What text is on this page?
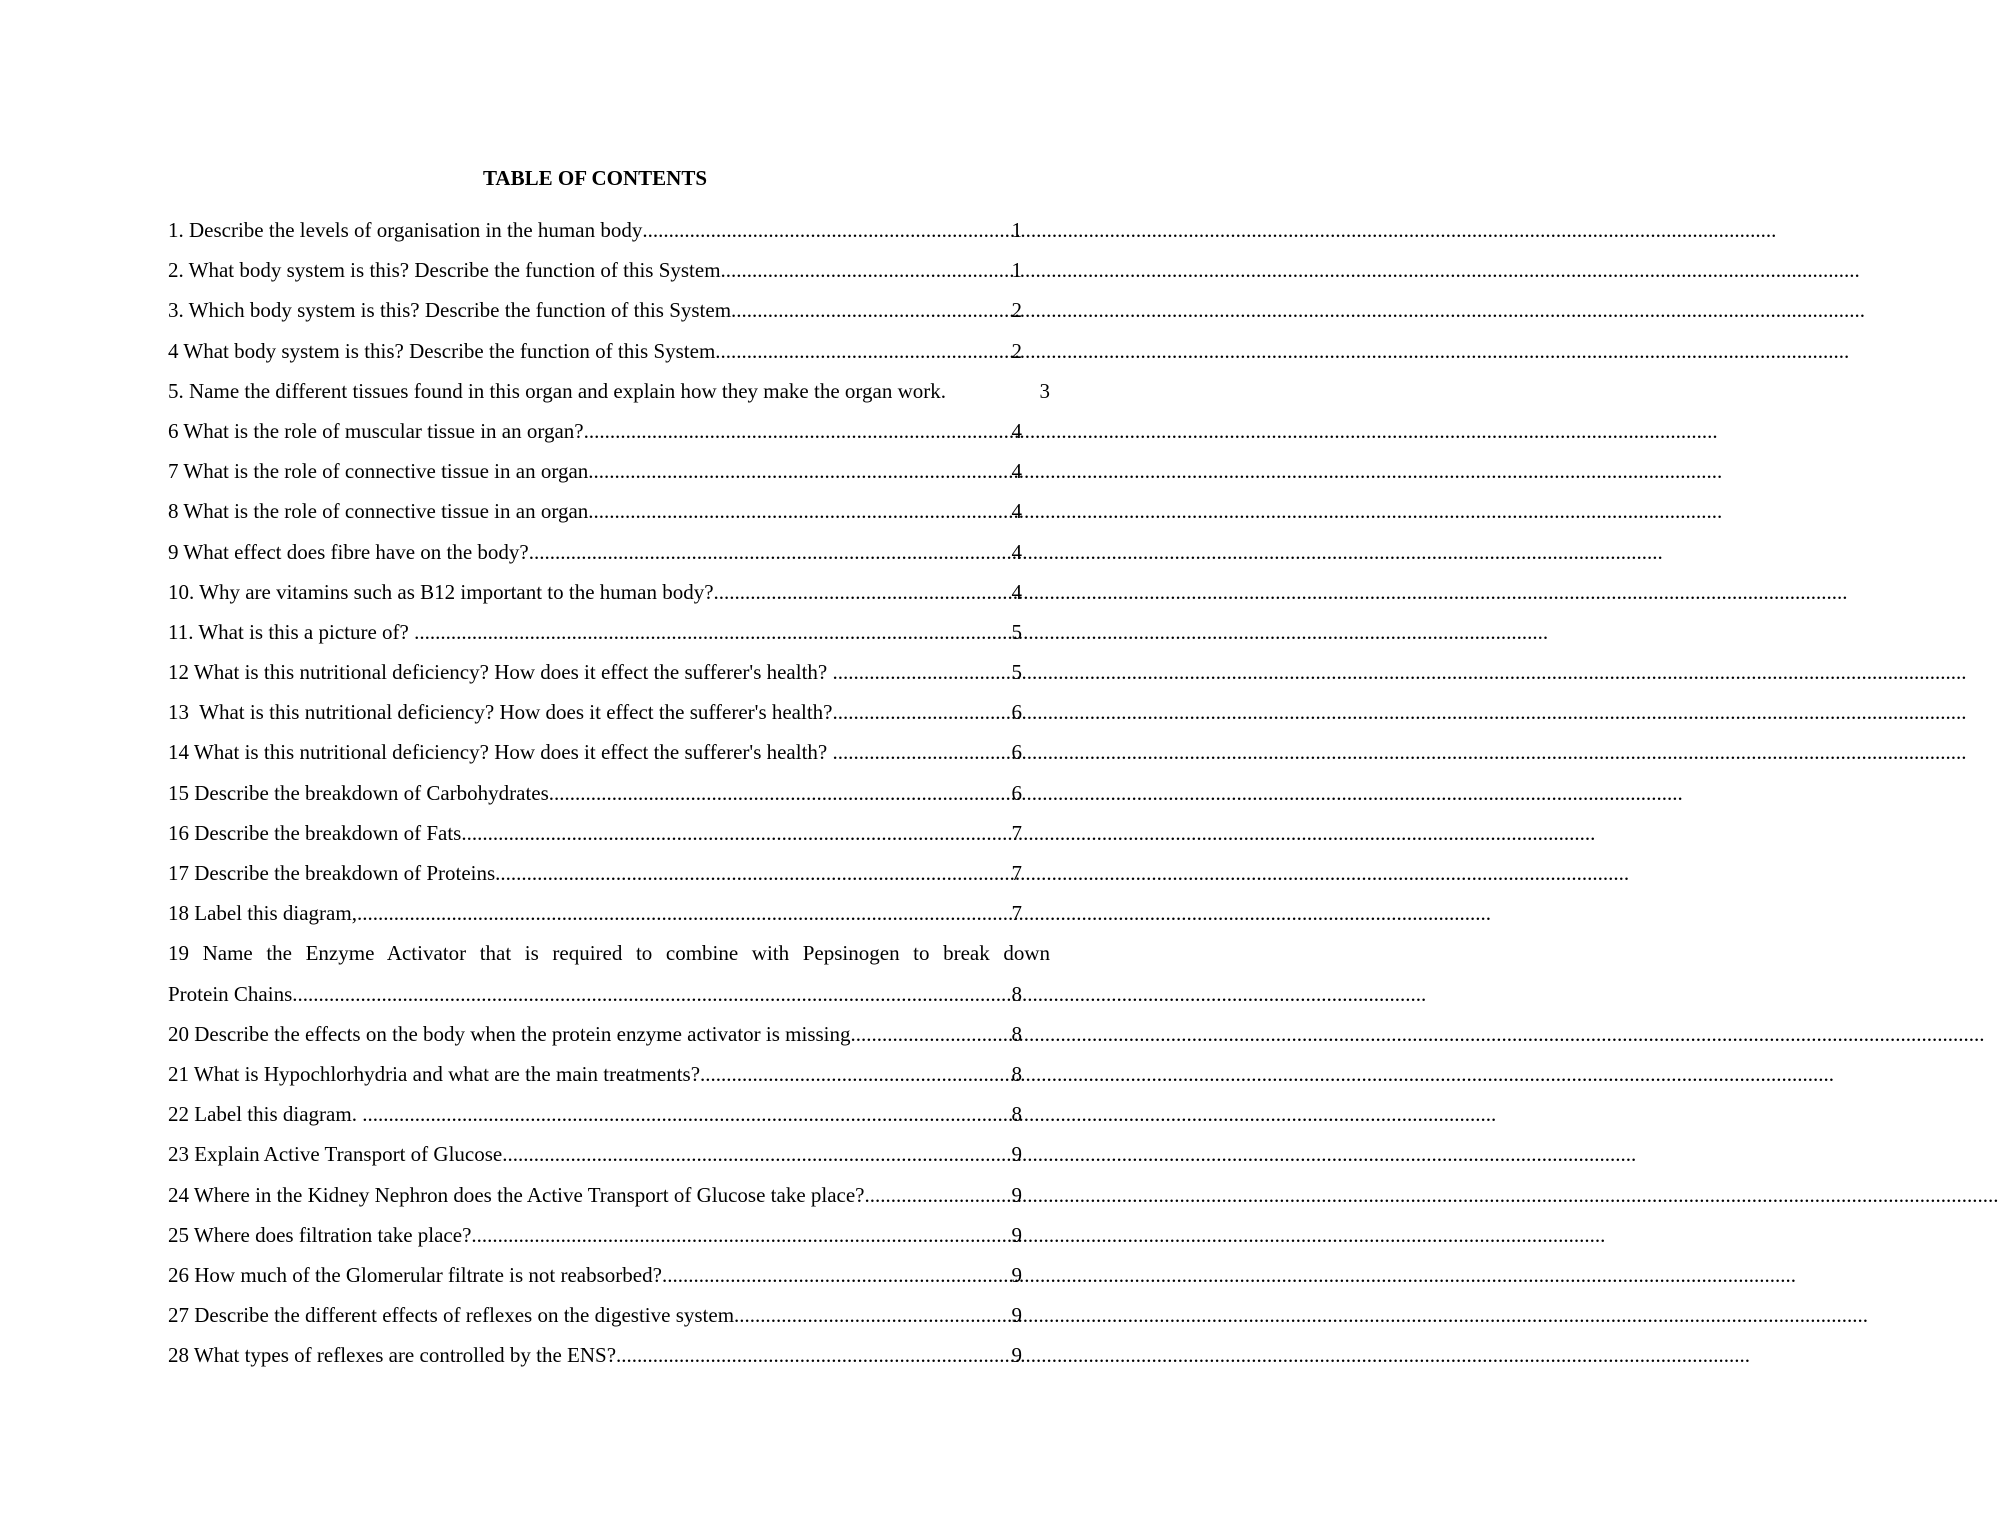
TABLE OF CONTENTS
1. Describe the levels of organisation in the human body .....	1
2. What body system is this? Describe the function of this System. .....	1
3. Which body system is this? Describe the function of this System .....	2
4 What body system is this? Describe the function of this System .....	2
5. Name the different tissues found in this organ and explain how they make the organ work.	3
6 What is the role of muscular tissue in an organ? .....	4
7 What is the role of connective tissue in an organ .....	4
8 What is the role of connective tissue in an organ .....	4
9 What effect does fibre have on the body? .....	4
10. Why are vitamins such as B12 important to the human body? .....	4
11. What is this a picture of? .....	5
12 What is this nutritional deficiency? How does it effect the sufferer's health? .....	5
13  What is this nutritional deficiency? How does it effect the sufferer's health? .....	6
14 What is this nutritional deficiency? How does it effect the sufferer's health? .....	6
15 Describe the breakdown of Carbohydrates .....	6
16 Describe the breakdown of Fats .....	7
17 Describe the breakdown of Proteins .....	7
18 Label this diagram, .....	7
19 Name the Enzyme Activator that is required to combine with Pepsinogen to break down
Protein Chains .....	8
20 Describe the effects on the body when the protein enzyme activator is missing .....	8
21 What is Hypochlorhydria and what are the main treatments? .....	8
22 Label this diagram. .....	8
23 Explain Active Transport of Glucose .....	9
24 Where in the Kidney Nephron does the Active Transport of Glucose take place? .....	9
25 Where does filtration take place? .....	9
26 How much of the Glomerular filtrate is not reabsorbed? .....	9
27 Describe the different effects of reflexes on the digestive system .....	9
28 What types of reflexes are controlled by the ENS? .....	9
